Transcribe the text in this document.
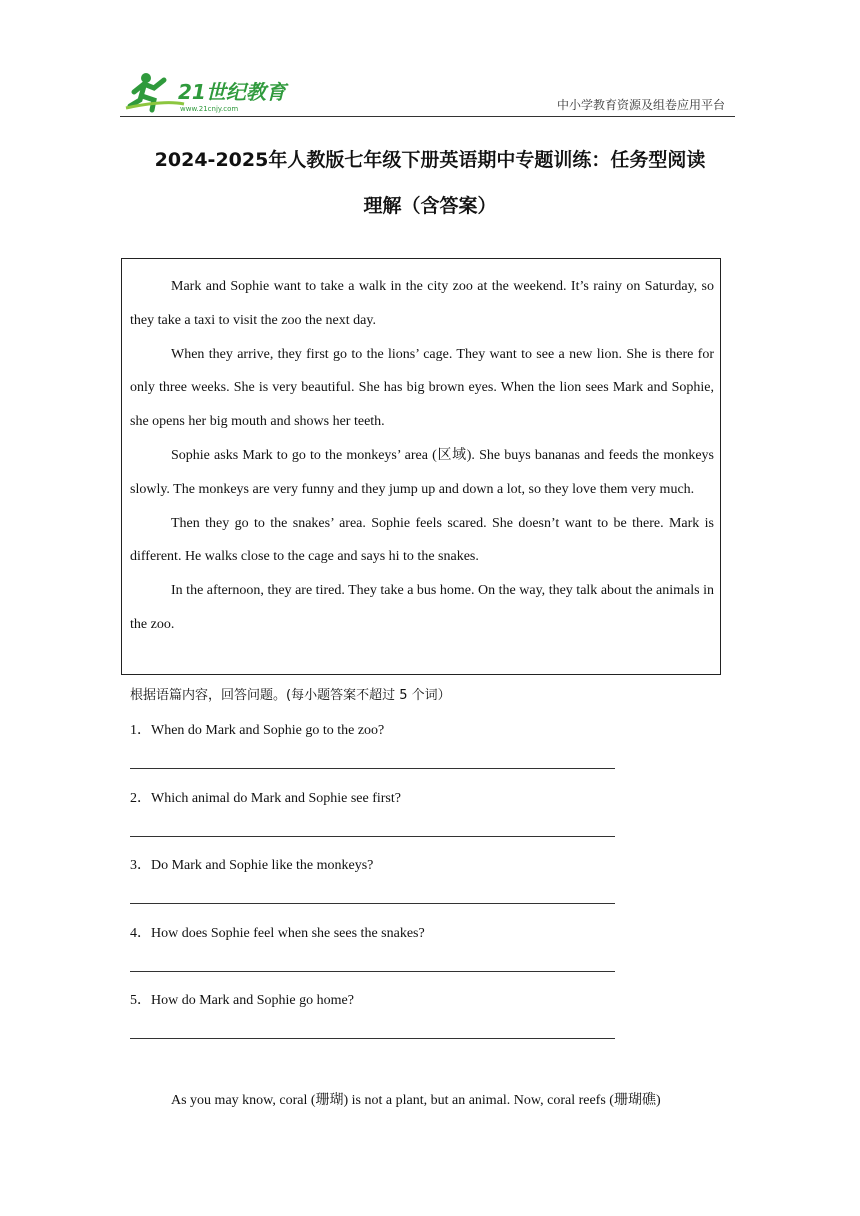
21世纪教育
www.21cnjy.com	中小学教育资源及组卷应用平台
2024-2025年人教版七年级下册英语期中专题训练：任务型阅读
理解（含答案）

Mark and Sophie want to take a walk in the city zoo at the weekend. It’s rainy on Saturday, so they take a taxi to visit the zoo the next day.

When they arrive, they first go to the lions’ cage. They want to see a new lion. She is there for only three weeks. She is very beautiful. She has big brown eyes. When the lion sees Mark and Sophie, she opens her big mouth and shows her teeth.

Sophie asks Mark to go to the monkeys’ area (区域). She buys bananas and feeds the monkeys slowly. The monkeys are very funny and they jump up and down a lot, so they love them very much.

Then they go to the snakes’ area. Sophie feels scared. She doesn’t want to be there. Mark is different. He walks close to the cage and says hi to the snakes.

In the afternoon, they are tired. They take a bus home. On the way, they talk about the animals in the zoo.

根据语篇内容，回答问题。(每小题答案不超过 5 个词）
1．When do Mark and Sophie go to the zoo?
2．Which animal do Mark and Sophie see first?
3．Do Mark and Sophie like the monkeys?
4．How does Sophie feel when she sees the snakes?
5．How do Mark and Sophie go home?
As you may know, coral (珊瑚) is not a plant, but an animal. Now, coral reefs (珊瑚礁)
